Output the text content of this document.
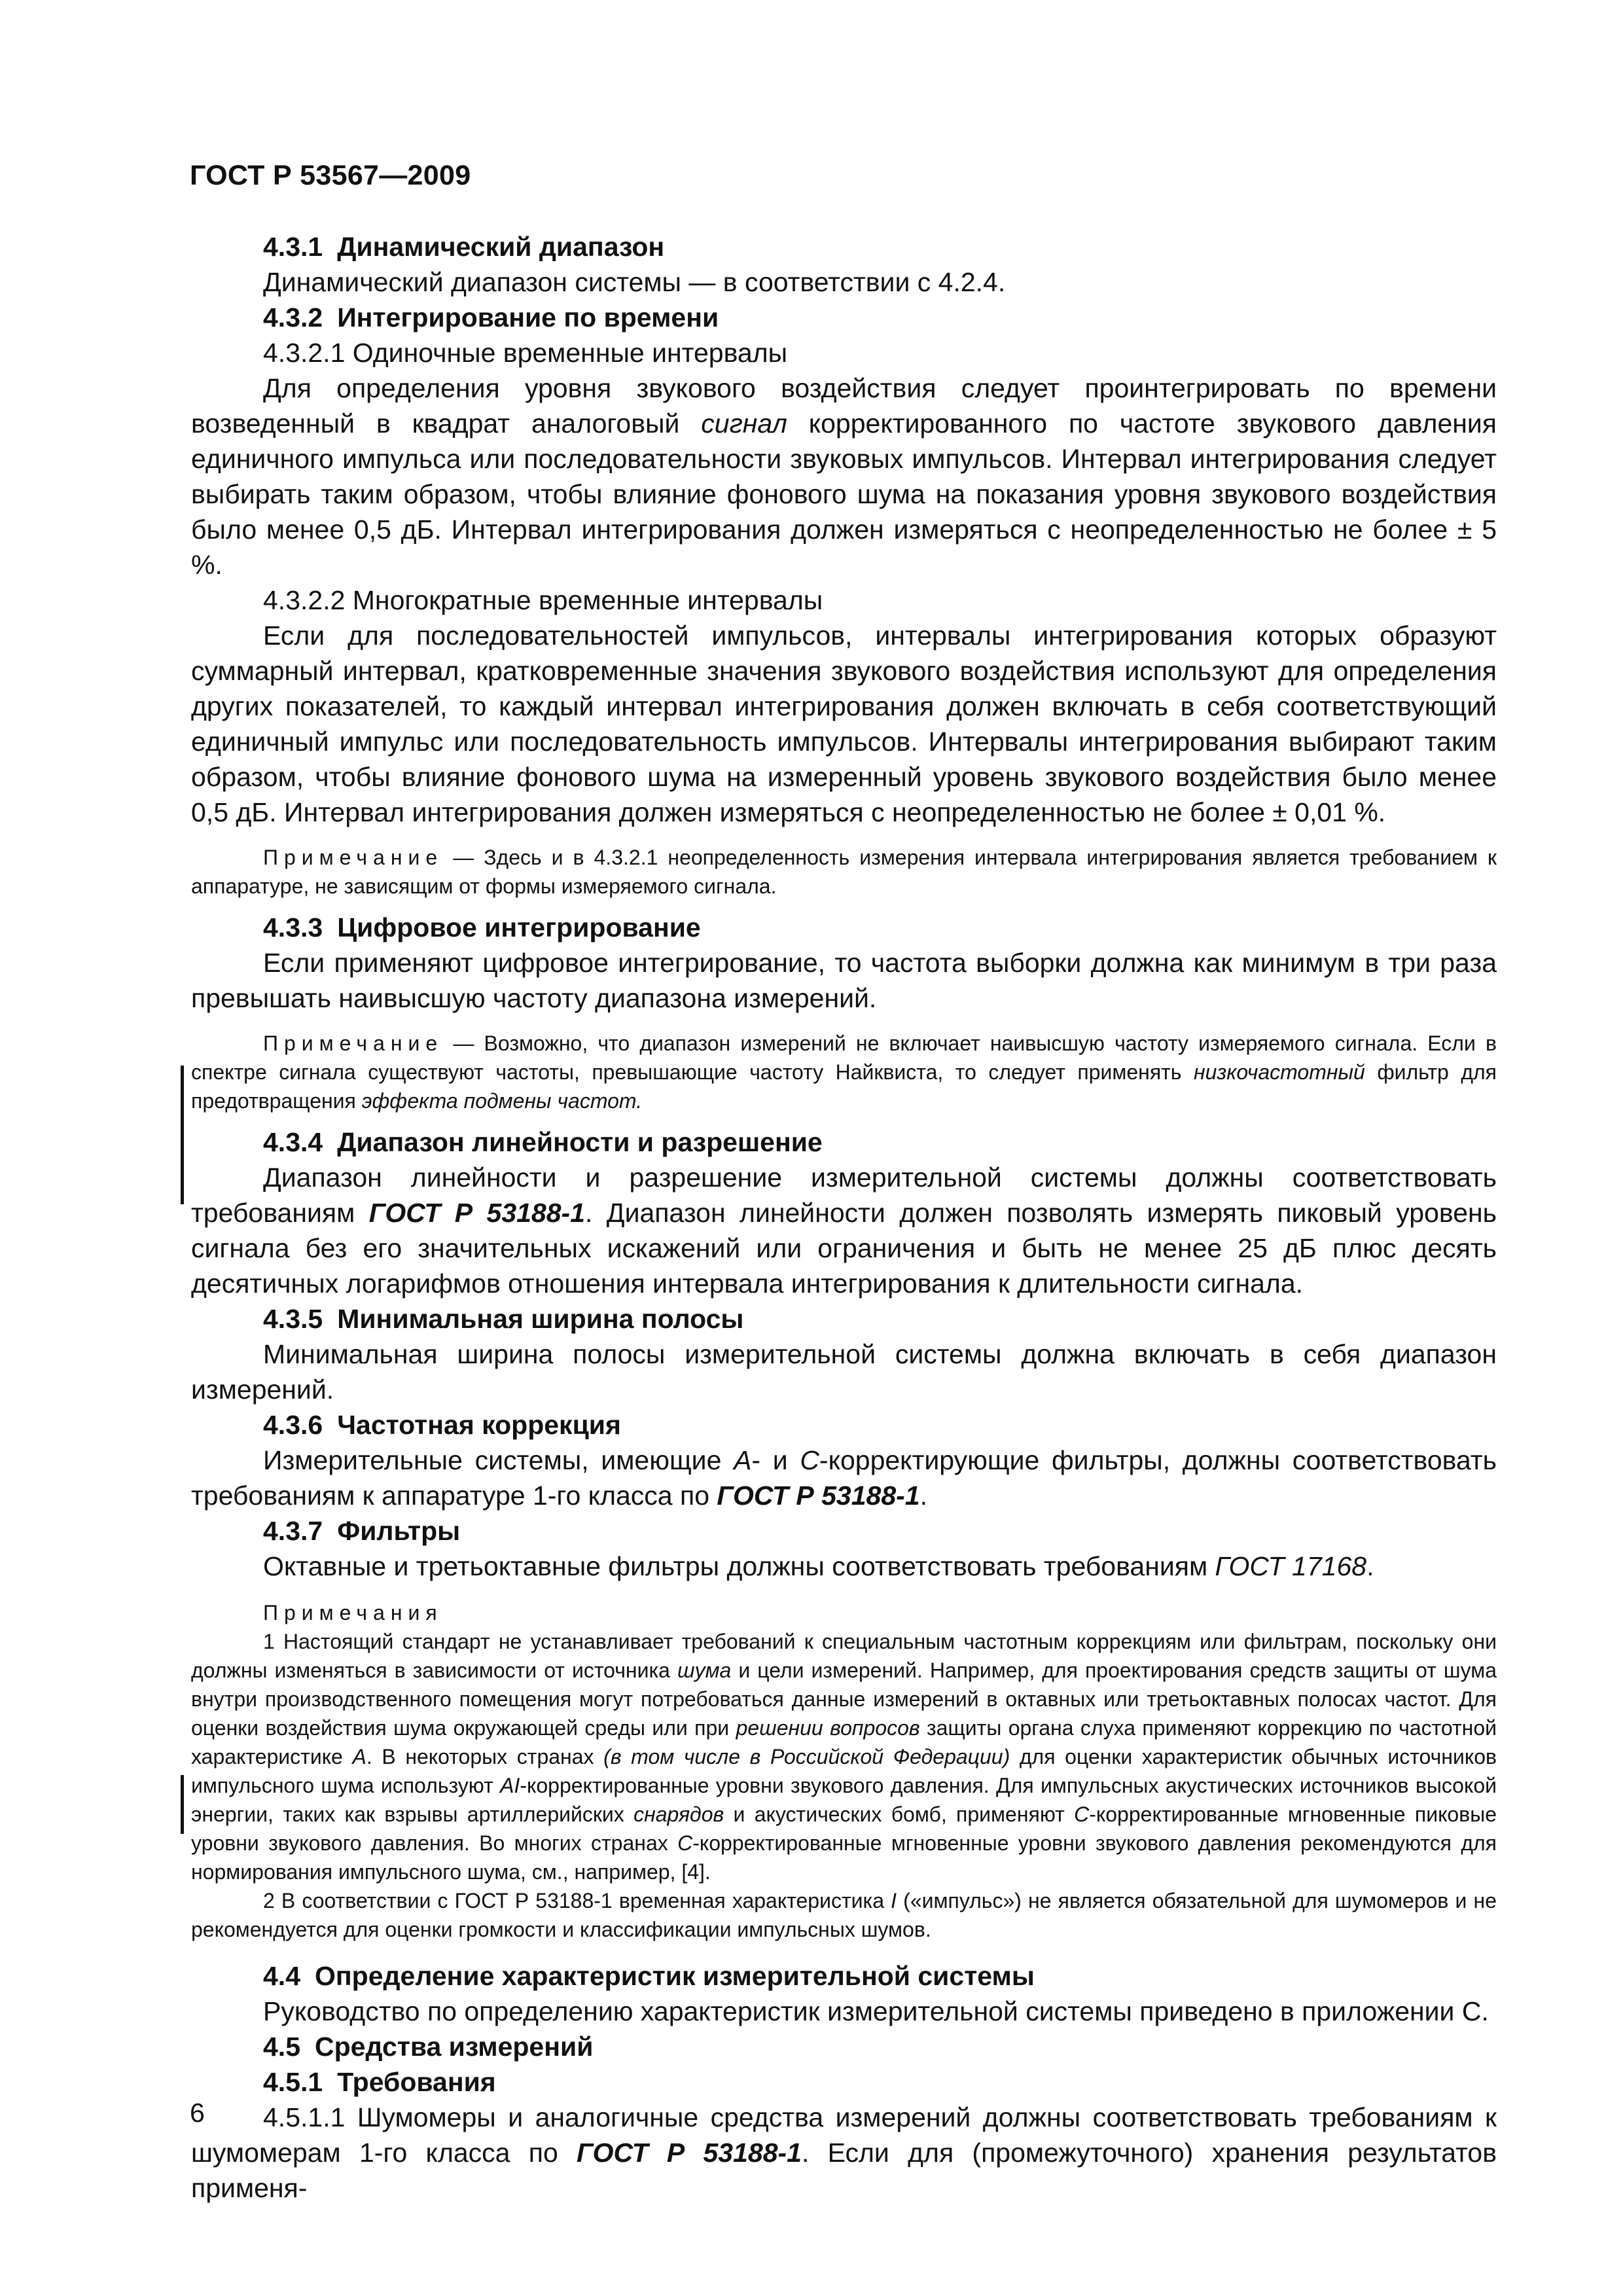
ГОСТ Р 53567—2009

4.3.1 Динамический диапазон

Динамический диапазон системы — в соответствии с 4.2.4.

4.3.2 Интегрирование по времени

4.3.2.1 Одиночные временные интервалы

Для определения уровня звукового воздействия следует проинтегрировать по времени возведенный в квадрат аналоговый сигнал корректированного по частоте звукового давления единичного импульса или последовательности звуковых импульсов. Интервал интегрирования следует выбирать таким образом, чтобы влияние фонового шума на показания уровня звукового воздействия было менее 0,5 дБ. Интервал интегрирования должен измеряться с неопределенностью не более ± 5 %.

4.3.2.2 Многократные временные интервалы

Если для последовательностей импульсов, интервалы интегрирования которых образуют суммарный интервал, кратковременные значения звукового воздействия используют для определения других показателей, то каждый интервал интегрирования должен включать в себя соответствующий единичный импульс или последовательность импульсов. Интервалы интегрирования выбирают таким образом, чтобы влияние фонового шума на измеренный уровень звукового воздействия было менее 0,5 дБ. Интервал интегрирования должен измеряться с неопределенностью не более ± 0,01 %.

Примечание — Здесь и в 4.3.2.1 неопределенность измерения интервала интегрирования является требованием к аппаратуре, не зависящим от формы измеряемого сигнала.

4.3.3 Цифровое интегрирование

Если применяют цифровое интегрирование, то частота выборки должна как минимум в три раза превышать наивысшую частоту диапазона измерений.

Примечание — Возможно, что диапазон измерений не включает наивысшую частоту измеряемого сигнала. Если в спектре сигнала существуют частоты, превышающие частоту Найквиста, то следует применять низкочастотный фильтр для предотвращения эффекта подмены частот.

4.3.4 Диапазон линейности и разрешение

Диапазон линейности и разрешение измерительной системы должны соответствовать требованиям ГОСТ Р 53188-1. Диапазон линейности должен позволять измерять пиковый уровень сигнала без его значительных искажений или ограничения и быть не менее 25 дБ плюс десять десятичных логарифмов отношения интервала интегрирования к длительности сигнала.

4.3.5 Минимальная ширина полосы

Минимальная ширина полосы измерительной системы должна включать в себя диапазон измерений.

4.3.6 Частотная коррекция

Измерительные системы, имеющие А- и С-корректирующие фильтры, должны соответствовать требованиям к аппаратуре 1-го класса по ГОСТ Р 53188-1.

4.3.7 Фильтры

Октавные и третьоктавные фильтры должны соответствовать требованиям ГОСТ 17168.

Примечания
1 Настоящий стандарт не устанавливает требований к специальным частотным коррекциям или фильтрам, поскольку они должны изменяться в зависимости от источника шума и цели измерений. Например, для проектирования средств защиты от шума внутри производственного помещения могут потребоваться данные измерений в октавных или третьоктавных полосах частот. Для оценки воздействия шума окружающей среды или при решении вопросов защиты органа слуха применяют коррекцию по частотной характеристике А. В некоторых странах (в том числе в Российской Федерации) для оценки характеристик обычных источников импульсного шума используют AI-корректированные уровни звукового давления. Для импульсных акустических источников высокой энергии, таких как взрывы артиллерийских снарядов и акустических бомб, применяют С-корректированные мгновенные пиковые уровни звукового давления. Во многих странах С-корректированные мгновенные уровни звукового давления рекомендуются для нормирования импульсного шума, см., например, [4].
2 В соответствии с ГОСТ Р 53188-1 временная характеристика I («импульс») не является обязательной для шумомеров и не рекомендуется для оценки громкости и классификации импульсных шумов.

4.4 Определение характеристик измерительной системы

Руководство по определению характеристик измерительной системы приведено в приложении С.

4.5 Средства измерений

4.5.1 Требования

4.5.1.1 Шумомеры и аналогичные средства измерений должны соответствовать требованиям к шумомерам 1-го класса по ГОСТ Р 53188-1. Если для (промежуточного) хранения результатов применя-

6
